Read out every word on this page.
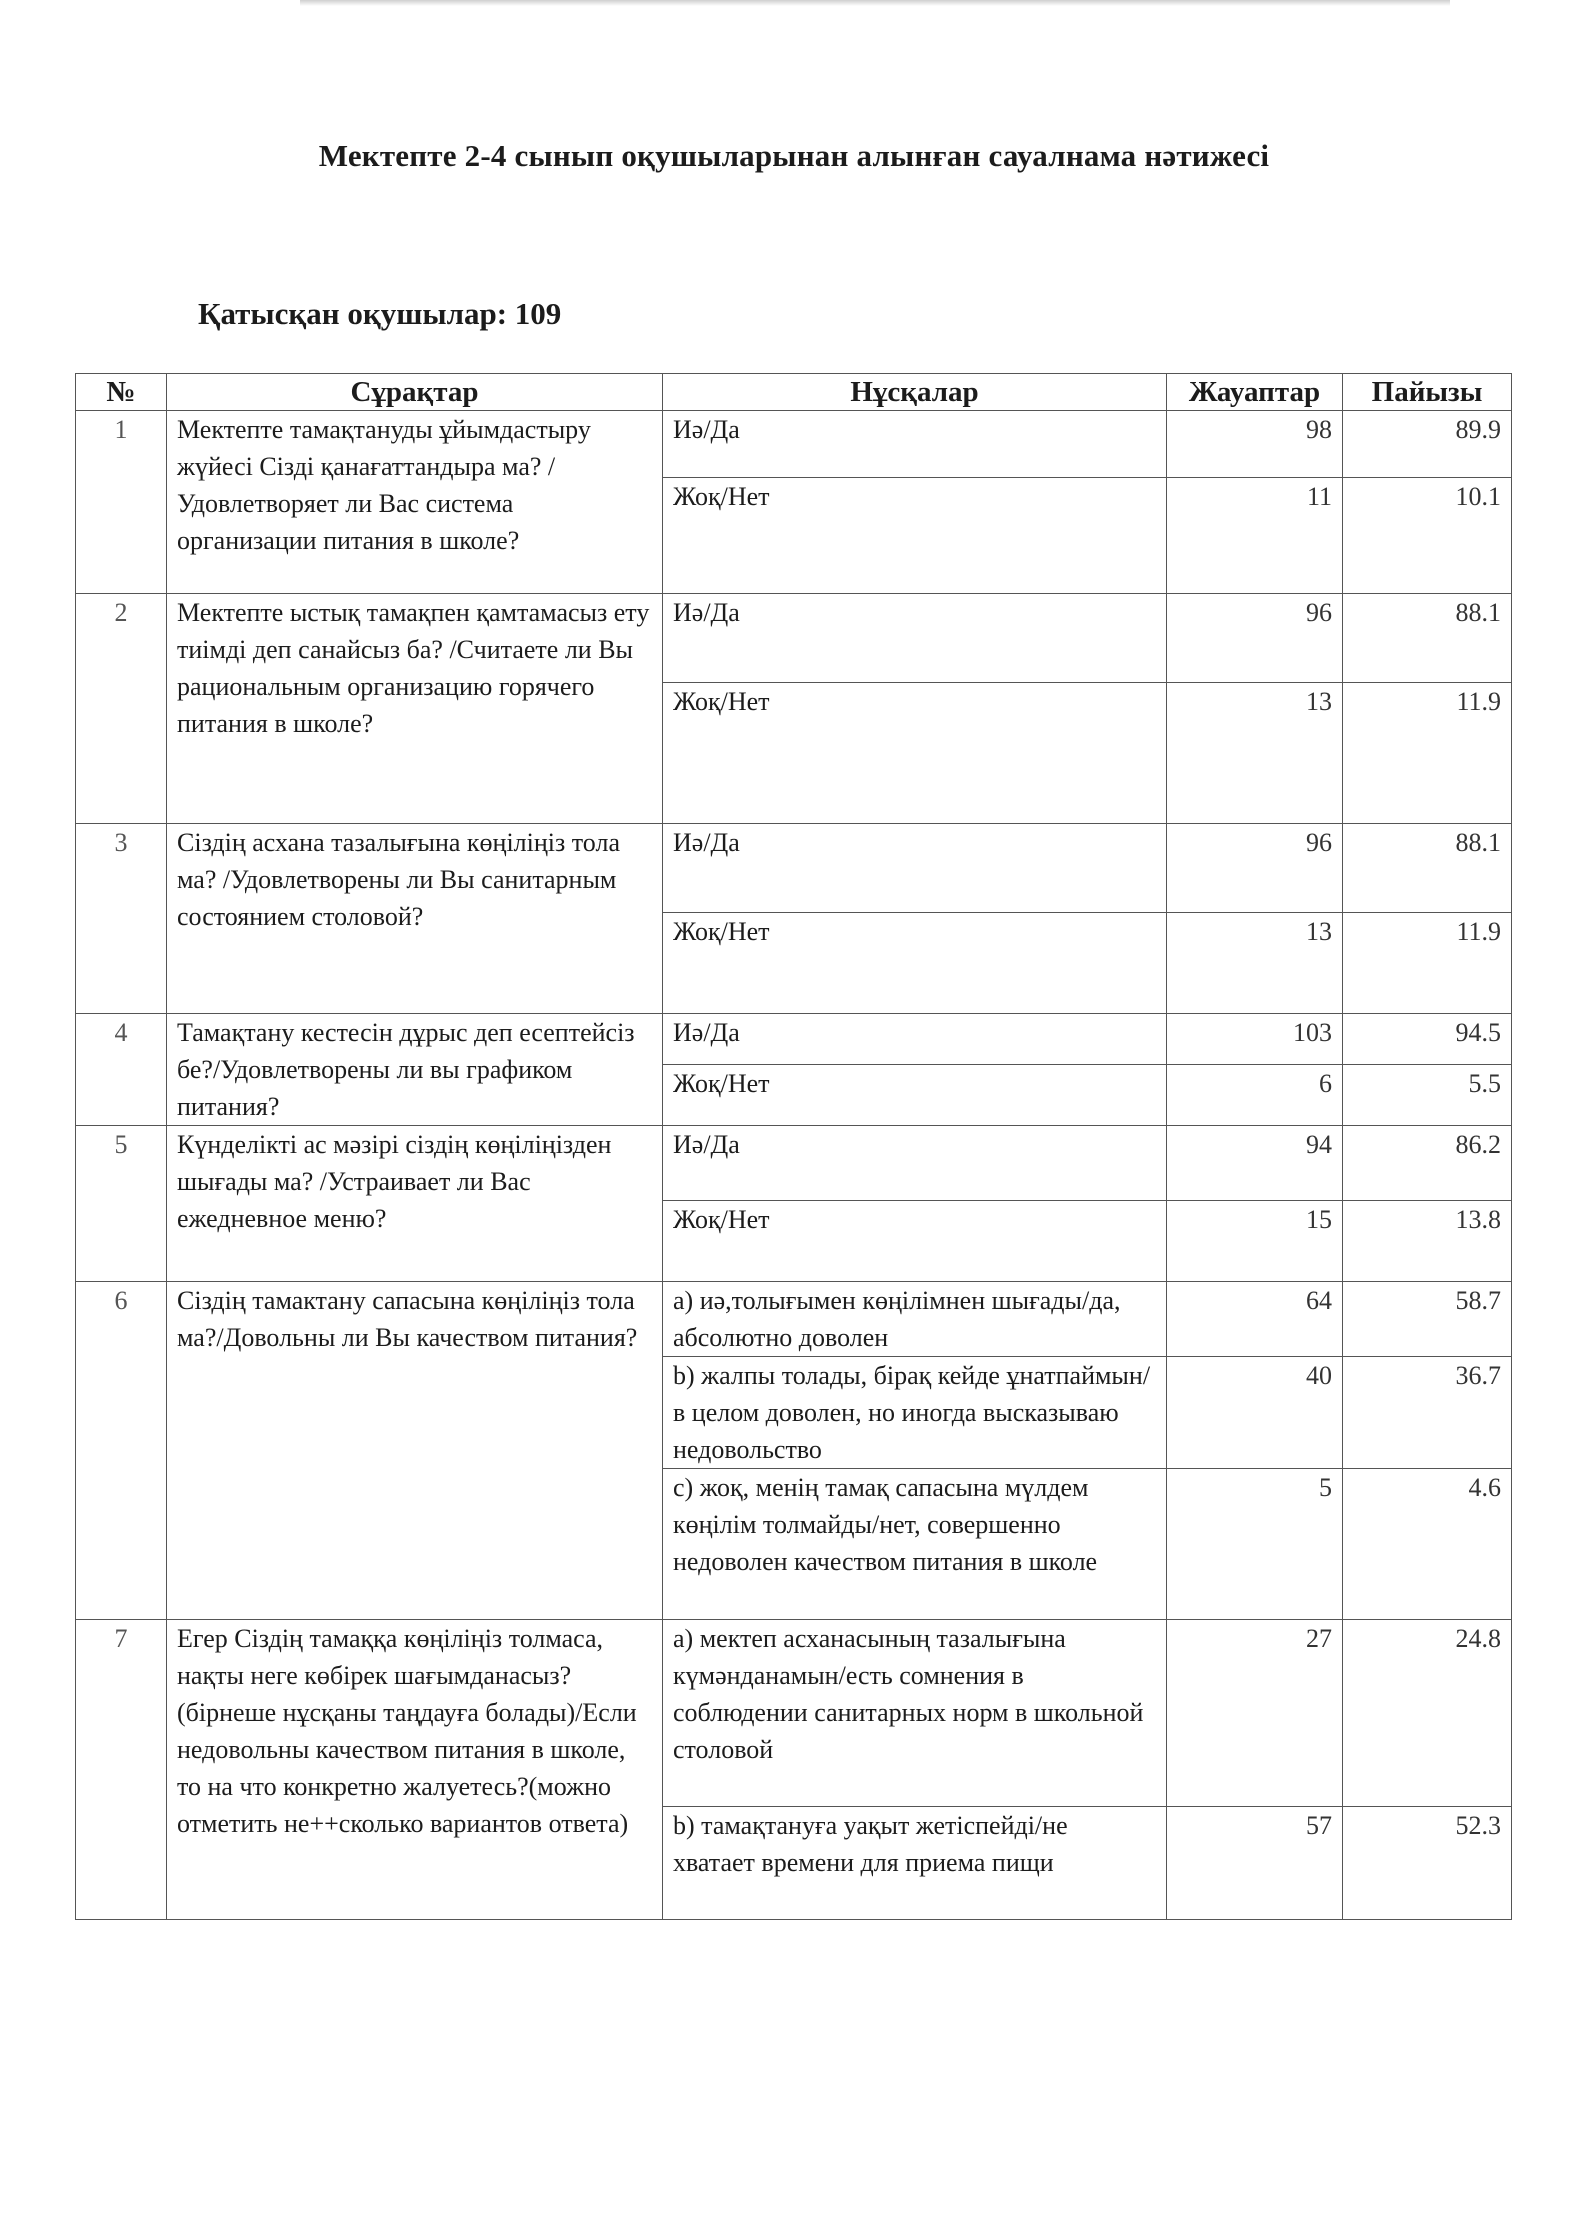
Мектепте 2-4 сынып оқушыларынан алынған сауалнама нәтижесі
Қатысқан оқушылар: 109
№	Сұрақтар	Нұсқалар	Жауаптар	Пайызы
1	Мектепте тамақтануды ұйымдастыру жүйесі Сізді қанағаттандыра ма? /Удовлетворяет ли Вас система организации питания в школе?	Иә/Да	98	89.9
		Жоқ/Нет	11	10.1
2	Мектепте ыстық тамақпен қамтамасыз ету тиімді деп санайсыз ба? /Считаете ли Вы рациональным организацию горячего питания в школе?	Иә/Да	96	88.1
		Жоқ/Нет	13	11.9
3	Сіздің асхана тазалығына көңіліңіз тола ма? /Удовлетворены ли Вы санитарным состоянием столовой?	Иә/Да	96	88.1
		Жоқ/Нет	13	11.9
4	Тамақтану кестесін дұрыс деп есептейсіз бе?/Удовлетворены ли вы графиком питания?	Иә/Да	103	94.5
		Жоқ/Нет	6	5.5
5	Күнделікті ас мәзірі сіздің көңіліңізден шығады ма? /Устраивает ли Вас ежедневное меню?	Иә/Да	94	86.2
		Жоқ/Нет	15	13.8
6	Сіздің тамактану сапасына көңіліңіз тола ма?/Довольны ли Вы качеством питания?	а) иә,толығымен көңілімнен шығады/да, абсолютно доволен	64	58.7
		b) жалпы толады, бірақ кейде ұнатпаймын/в целом доволен, но иногда высказываю недовольство	40	36.7
		с) жоқ, менің тамақ сапасына мүлдем көңілім толмайды/нет, совершенно недоволен качеством питания в школе	5	4.6
7	Егер Сіздің тамаққа көңіліңіз толмаса, нақты неге көбірек шағымданасыз?(бірнеше нұсқаны таңдауға болады)/Если недовольны качеством питания в школе, то на что конкретно жалуетесь?(можно отметить не++сколько вариантов ответа)	а) мектеп асханасының тазалығына күмәнданамын/есть сомнения в соблюдении санитарных норм в школьной столовой	27	24.8
		b) тамақтануға уақыт жетіспейді/не хватает времени для приема пищи	57	52.3
